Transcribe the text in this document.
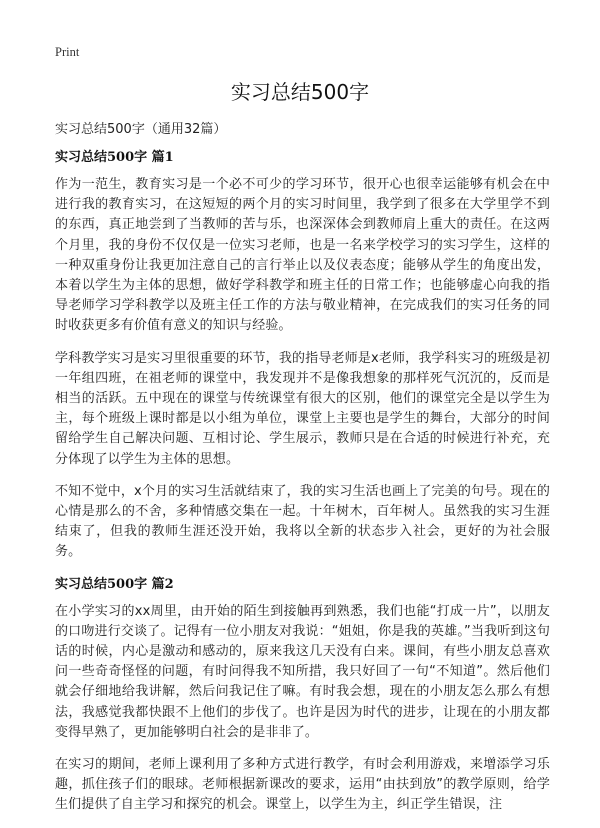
Print
实习总结500字
实习总结500字（通用32篇）
实习总结500字 篇1

作为一范生，教育实习是一个必不可少的学习环节，很开心也很幸运能够有机会在中进行我的教育实习，在这短短的两个月的实习时间里，我学到了很多在大学里学不到的东西，真正地尝到了当教师的苦与乐，也深深体会到教师肩上重大的责任。在这两个月里，我的身份不仅仅是一位实习老师，也是一名来学校学习的实习学生，这样的一种双重身份让我更加注意自己的言行举止以及仪表态度；能够从学生的角度出发，本着以学生为主体的思想，做好学科教学和班主任的日常工作；也能够虚心向我的指导老师学习学科教学以及班主任工作的方法与敬业精神，在完成我们的实习任务的同时收获更多有价值有意义的知识与经验。

学科教学实习是实习里很重要的环节，我的指导老师是x老师，我学科实习的班级是初一年组四班，在祖老师的课堂中，我发现并不是像我想象的那样死气沉沉的，反而是相当的活跃。五中现在的课堂与传统课堂有很大的区别，他们的课堂完全是以学生为主，每个班级上课时都是以小组为单位，课堂上主要也是学生的舞台，大部分的时间留给学生自己解决问题、互相讨论、学生展示，教师只是在合适的时候进行补充，充分体现了以学生为主体的思想。

不知不觉中，x个月的实习生活就结束了，我的实习生活也画上了完美的句号。现在的心情是那么的不舍，多种情感交集在一起。十年树木，百年树人。虽然我的实习生涯结束了，但我的教师生涯还没开始，我将以全新的状态步入社会，更好的为社会服务。

实习总结500字 篇2

在小学实习的xx周里，由开始的陌生到接触再到熟悉，我们也能“打成一片”，以朋友的口吻进行交谈了。记得有一位小朋友对我说：“姐姐，你是我的英雄。”当我听到这句话的时候，内心是激动和感动的，原来我这几天没有白来。课间，有些小朋友总喜欢问一些奇奇怪怪的问题，有时问得我不知所措，我只好回了一句“不知道”。然后他们就会仔细地给我讲解，然后问我记住了嘛。有时我会想，现在的小朋友怎么那么有想法，我感觉我都快跟不上他们的步伐了。也许是因为时代的进步，让现在的小朋友都变得早熟了，更加能够明白社会的是非非了。

在实习的期间，老师上课利用了多种方式进行教学，有时会利用游戏，来增添学习乐趣，抓住孩子们的眼球。老师根据新课改的要求，运用“由扶到放”的教学原则，给学生们提供了自主学习和探究的机会。课堂上，以学生为主，纠正学生错误，注
